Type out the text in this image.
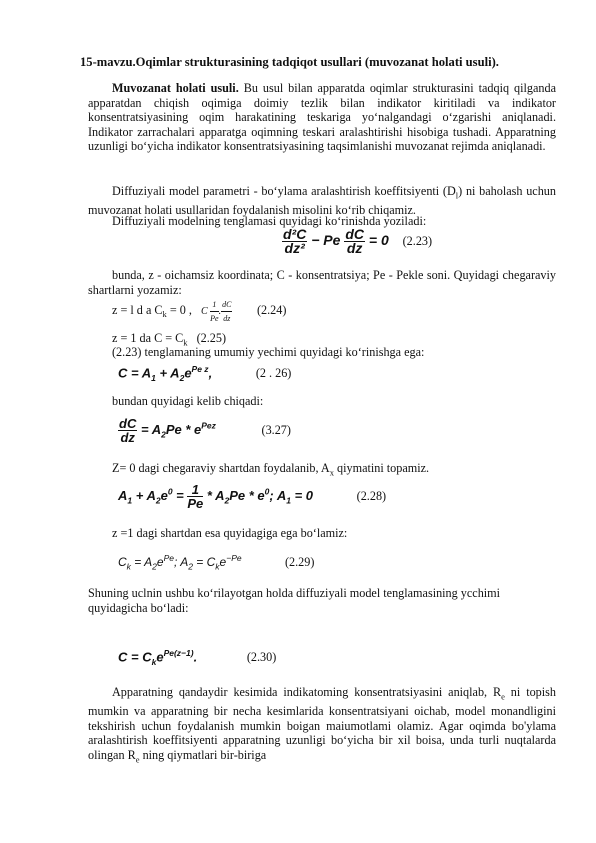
15-mavzu.Oqimlar strukturasining tadqiqot usullari (muvozanat holati usuli).
Muvozanat holati usuli. Bu usul bilan apparatda oqimlar strukturasini tadqiq qilganda apparatdan chiqish oqimiga doimiy tezlik bilan indikator kiritiladi va indikator konsentratsiyasining oqim harakatining teskariga yo‘nalgandagi o‘zgarishi aniqlanadi. Indikator zarrachalari apparatga oqimning teskari aralashtirishi hisobiga tushadi. Apparatning uzunligi bo‘yicha indikator konsentratsiyasining taqsimlanishi muvozanat rejimda aniqlanadi.
Diffuziyali model parametri - bo‘ylama aralashtirish koeffitsiyenti $(D_l)$ ni baholash uchun muvozanat holati usullaridan foydalanish misolini ko‘rib chiqamiz.
Diffuziyali modelning tenglamasi quyidagi ko‘rinishda yoziladi:
$\frac{\text{d²C}}{\text{dz²}} - Pe \frac{dC}{dz} = 0$ (2.23)
bunda, z - oichamsiz koordinata; C - konsentratsiya; Pe - Pekle soni. Quyidagi chegaraviy shartlarni yozamiz:
z = l d a $C_k = 0$ , C $\frac{1}{Pe}$ . $\frac{dC}{dz} (2.24)$
z = 1 da $C = C_k$ (2.25)
(2.23) tenglamaning umumiy yechimi quyidagi ko‘rinishga ega:
$C = A_1 + A_2e^{Pe z}$,	(2 . 26)
bundan quyidagi kelib chiqadi:
$\frac{dC}{dz} = A_2Pe * e^{Pez}$	(3.27)
Z= 0 dagi chegaraviy shartdan foydalanib, $A_x$ qiymatini topamiz.
$A_1 + A_2e^0 = \frac{1}{Pe} * A_2Pe * e^0$; $A_1 = 0$	(2.28)
z =1 dagi shartdan esa quyidagiga ega bo‘lamiz:
$C_k = A_2e^{Pe}$; $A_2 = C_ke^{-Pe}$	(2.29)
Shuning uclnin ushbu ko‘rilayotgan holda diffuziyali model tenglamasining ycchimi quyidagicha bo‘ladi:
$C = C_ke^{Pe(z-1)}$.	(2.30)
Apparatning qandaydir kesimida indikatoming konsentratsiyasini aniqlab, $R_e$ ni topish mumkin va apparatning bir necha kesimlarida konsentratsiyani oichab, model monandligini tekshirish uchun foydalanish mumkin boigan maiumotlami olamiz. Agar oqimda bo'ylama aralashtirish koeffitsiyenti apparatning uzunligi bo‘yicha bir xil boisa, unda turli nuqtalarda olingan $R_e$ ning qiymatlari bir-biriga
